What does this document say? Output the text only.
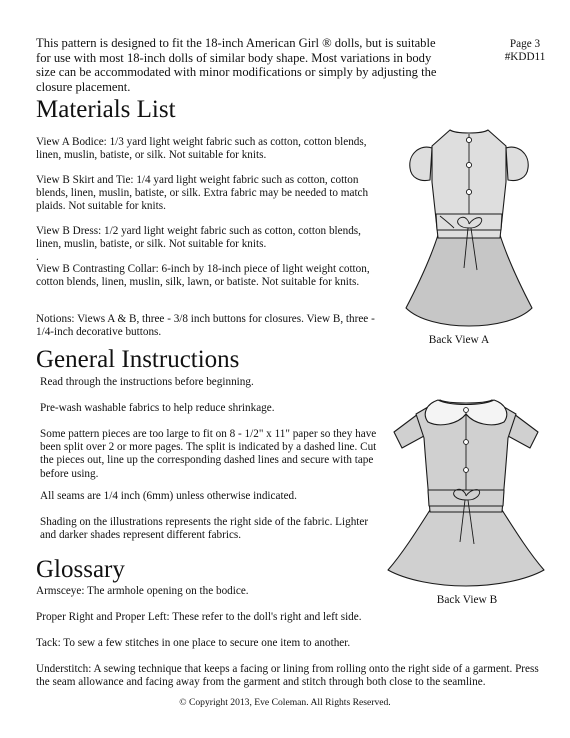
This pattern is designed to fit the 18-inch American Girl ® dolls, but is suitable for use with most 18-inch dolls of similar body shape. Most variations in body size can be accommodated with minor modifications or simply by adjusting the closure placement.
Page 3
#KDD11
Materials List

View A Bodice: 1/3 yard light weight fabric such as cotton, cotton blends, linen, muslin, batiste, or silk. Not suitable for knits.

View B Skirt and Tie: 1/4 yard light weight fabric such as cotton, cotton blends, linen, muslin, batiste, or silk. Extra fabric may be needed to match plaids. Not suitable for knits.

View B Dress: 1/2 yard light weight fabric such as cotton, cotton blends, linen, muslin, batiste, or silk. Not suitable for knits.

.

View B Contrasting Collar: 6-inch by 18-inch piece of light weight cotton, cotton blends, linen, muslin, silk, lawn, or batiste. Not suitable for knits.

Notions: Views A & B, three - 3/8 inch buttons for closures. View B, three - 1/4-inch decorative buttons.

General Instructions

Read through the instructions before beginning.

Pre-wash washable fabrics to help reduce shrinkage.

Some pattern pieces are too large to fit on 8 - 1/2" x 11" paper so they have been split over 2 or more pages. The split is indicated by a dashed line. Cut the pieces out, line up the corresponding dashed lines and secure with tape before using.

All seams are 1/4 inch (6mm) unless otherwise indicated.

Shading on the illustrations represents the right side of the fabric. Lighter and darker shades represent different fabrics.

Glossary

Armsceye: The armhole opening on the bodice.

Proper Right and Proper Left: These refer to the doll's right and left side.

Tack: To sew a few stitches in one place to secure one item to another.

Understitch: A sewing technique that keeps a facing or lining from rolling onto the right side of a garment. Press the seam allowance and facing away from the garment and stitch through both close to the seamline.

Back View A
Back View B
© Copyright 2013, Eve Coleman. All Rights Reserved.
